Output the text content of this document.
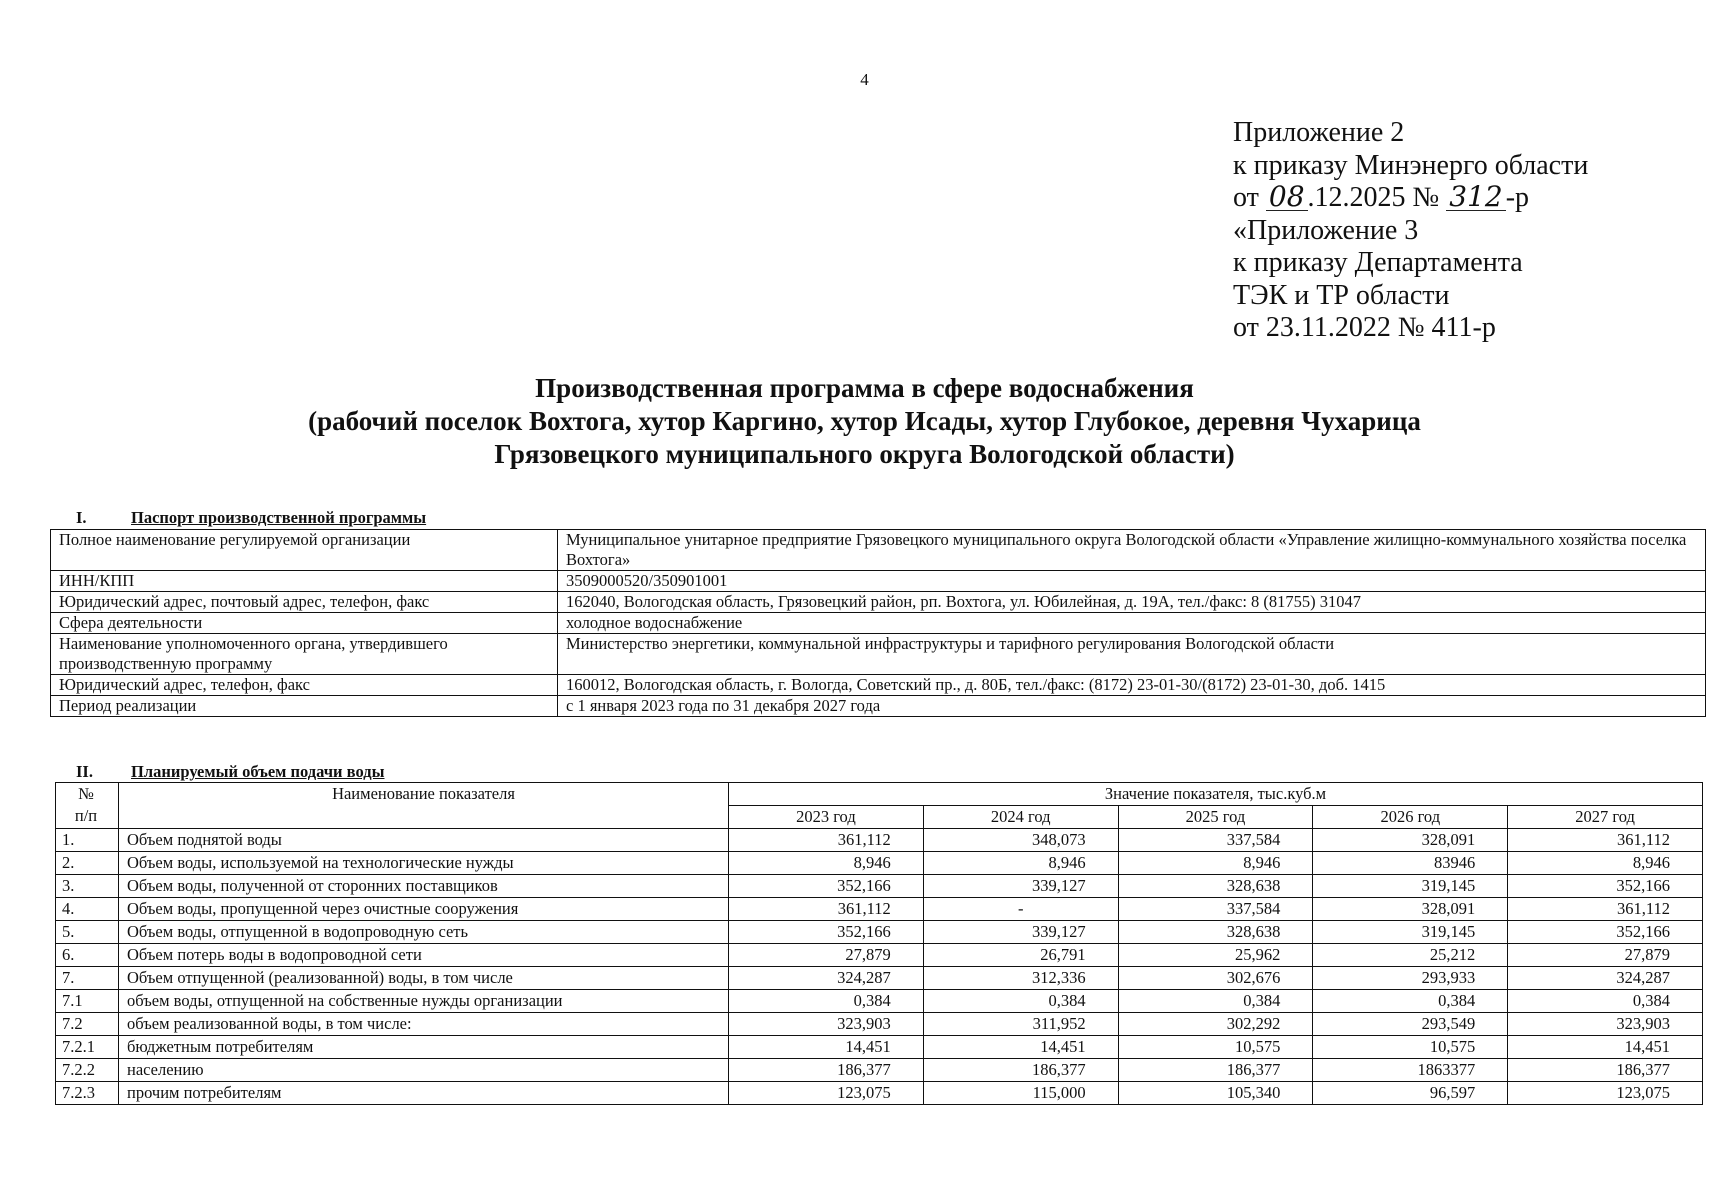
4
Приложение 2
к приказу Минэнерго области
от 08 .12.2025 № 312 -р
«Приложение 3
к приказу Департамента
ТЭК и ТР области
от 23.11.2022 № 411-р
Производственная программа в сфере водоснабжения
(рабочий поселок Вохтога, хутор Каргино, хутор Исады, хутор Глубокое, деревня Чухарица
Грязовецкого муниципального округа Вологодской области)
I.	Паспорт производственной программы
Полное наименование регулируемой организации	Муниципальное унитарное предприятие Грязовецкого муниципального округа Вологодской области «Управление жилищно-коммунального хозяйства поселка Вохтога»
ИНН/КПП	3509000520/350901001
Юридический адрес, почтовый адрес, телефон, факс	162040, Вологодская область, Грязовецкий район, рп. Вохтога, ул. Юбилейная, д. 19А, тел./факс: 8 (81755) 31047
Сфера деятельности	холодное водоснабжение
Наименование уполномоченного органа, утвердившего производственную программу	Министерство энергетики, коммунальной инфраструктуры и тарифного регулирования Вологодской области
Юридический адрес, телефон, факс	160012, Вологодская область, г. Вологда, Советский пр., д. 80Б, тел./факс: (8172) 23-01-30/(8172) 23-01-30, доб. 1415
Период реализации	с 1 января 2023 года по 31 декабря 2027 года
II. Планируемый объем подачи воды
№
п/п	Наименование показателя	Значение показателя, тыс.куб.м				
		2023 год	2024 год	2025 год	2026 год	2027 год
1.	Объем поднятой воды	361,112	348,073	337,584	328,091	361,112
2.	Объем воды, используемой на технологические нужды	8,946	8,946	8,946	83946	8,946
3.	Объем воды, полученной от сторонних поставщиков	352,166	339,127	328,638	319,145	352,166
4.	Объем воды, пропущенной через очистные сооружения	361,112	-	337,584	328,091	361,112
5.	Объем воды, отпущенной в водопроводную сеть	352,166	339,127	328,638	319,145	352,166
6.	Объем потерь воды в водопроводной сети	27,879	26,791	25,962	25,212	27,879
7.	Объем отпущенной (реализованной) воды, в том числе	324,287	312,336	302,676	293,933	324,287
7.1	объем воды, отпущенной на собственные нужды организации	0,384	0,384	0,384	0,384	0,384
7.2	объем реализованной воды, в том числе:	323,903	311,952	302,292	293,549	323,903
7.2.1	бюджетным потребителям	14,451	14,451	10,575	10,575	14,451
7.2.2	населению	186,377	186,377	186,377	1863377	186,377
7.2.3	прочим потребителям	123,075	115,000	105,340	96,597	123,075
